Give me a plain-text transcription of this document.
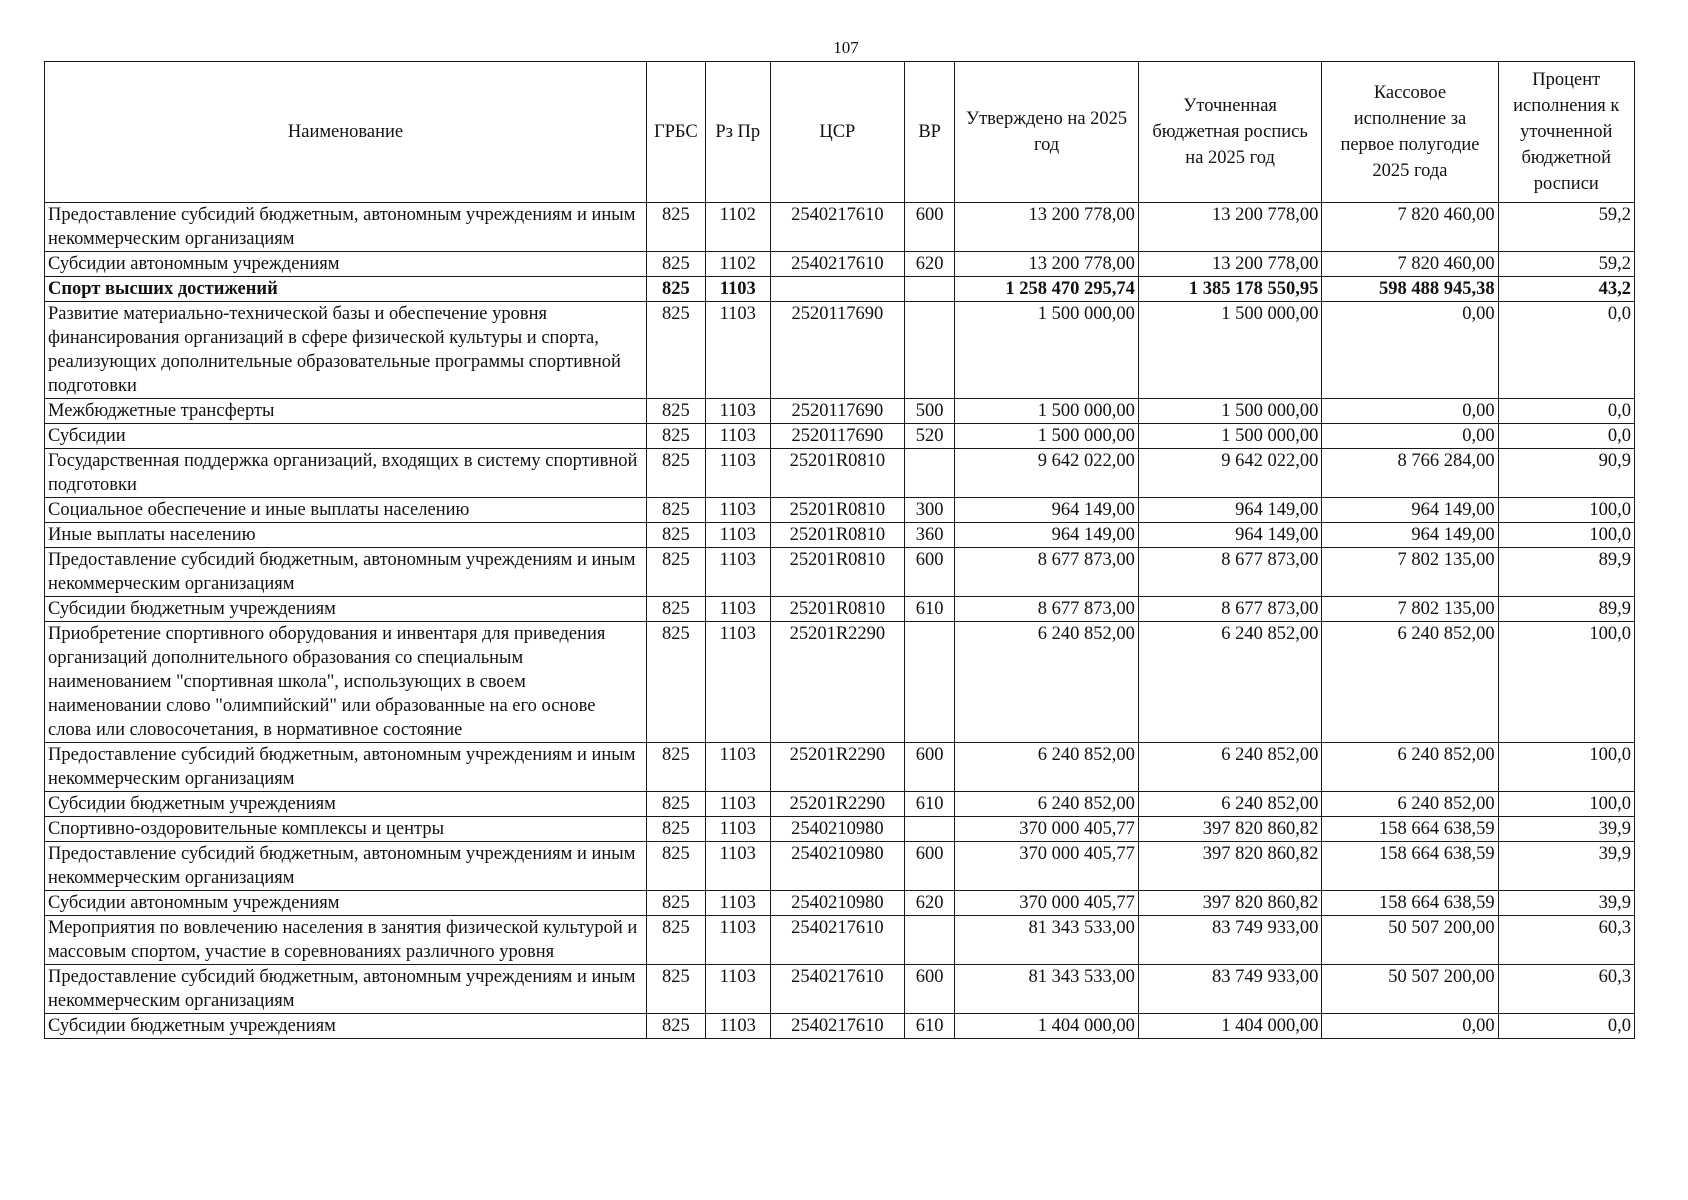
107
Наименование	ГРБС	Рз Пр	ЦСР	ВР	Утверждено на 2025 год	Уточненная бюджетная роспись на 2025 год	Кассовое исполнение за первое полугодие 2025 года	Процент исполнения к уточненной бюджетной росписи
Предоставление субсидий бюджетным, автономным учреждениям и иным некоммерческим организациям	825	1102	2540217610	600	13 200 778,00	13 200 778,00	7 820 460,00	59,2
Субсидии автономным учреждениям	825	1102	2540217610	620	13 200 778,00	13 200 778,00	7 820 460,00	59,2
Спорт высших достижений	825	1103			1 258 470 295,74	1 385 178 550,95	598 488 945,38	43,2
Развитие материально-технической базы и обеспечение уровня финансирования организаций в сфере физической культуры и спорта, реализующих дополнительные образовательные программы спортивной подготовки	825	1103	2520117690		1 500 000,00	1 500 000,00	0,00	0,0
Межбюджетные трансферты	825	1103	2520117690	500	1 500 000,00	1 500 000,00	0,00	0,0
Субсидии	825	1103	2520117690	520	1 500 000,00	1 500 000,00	0,00	0,0
Государственная поддержка организаций, входящих в систему спортивной подготовки	825	1103	25201R0810		9 642 022,00	9 642 022,00	8 766 284,00	90,9
Социальное обеспечение и иные выплаты населению	825	1103	25201R0810	300	964 149,00	964 149,00	964 149,00	100,0
Иные выплаты населению	825	1103	25201R0810	360	964 149,00	964 149,00	964 149,00	100,0
Предоставление субсидий бюджетным, автономным учреждениям и иным некоммерческим организациям	825	1103	25201R0810	600	8 677 873,00	8 677 873,00	7 802 135,00	89,9
Субсидии бюджетным учреждениям	825	1103	25201R0810	610	8 677 873,00	8 677 873,00	7 802 135,00	89,9
Приобретение спортивного оборудования и инвентаря для приведения организаций дополнительного образования со специальным наименованием "спортивная школа", использующих в своем наименовании слово "олимпийский" или образованные на его основе слова или словосочетания, в нормативное состояние	825	1103	25201R2290		6 240 852,00	6 240 852,00	6 240 852,00	100,0
Предоставление субсидий бюджетным, автономным учреждениям и иным некоммерческим организациям	825	1103	25201R2290	600	6 240 852,00	6 240 852,00	6 240 852,00	100,0
Субсидии бюджетным учреждениям	825	1103	25201R2290	610	6 240 852,00	6 240 852,00	6 240 852,00	100,0
Спортивно-оздоровительные комплексы и центры	825	1103	2540210980		370 000 405,77	397 820 860,82	158 664 638,59	39,9
Предоставление субсидий бюджетным, автономным учреждениям и иным некоммерческим организациям	825	1103	2540210980	600	370 000 405,77	397 820 860,82	158 664 638,59	39,9
Субсидии автономным учреждениям	825	1103	2540210980	620	370 000 405,77	397 820 860,82	158 664 638,59	39,9
Мероприятия по вовлечению населения в занятия физической культурой и массовым спортом, участие в соревнованиях различного уровня	825	1103	2540217610		81 343 533,00	83 749 933,00	50 507 200,00	60,3
Предоставление субсидий бюджетным, автономным учреждениям и иным некоммерческим организациям	825	1103	2540217610	600	81 343 533,00	83 749 933,00	50 507 200,00	60,3
Субсидии бюджетным учреждениям	825	1103	2540217610	610	1 404 000,00	1 404 000,00	0,00	0,0
